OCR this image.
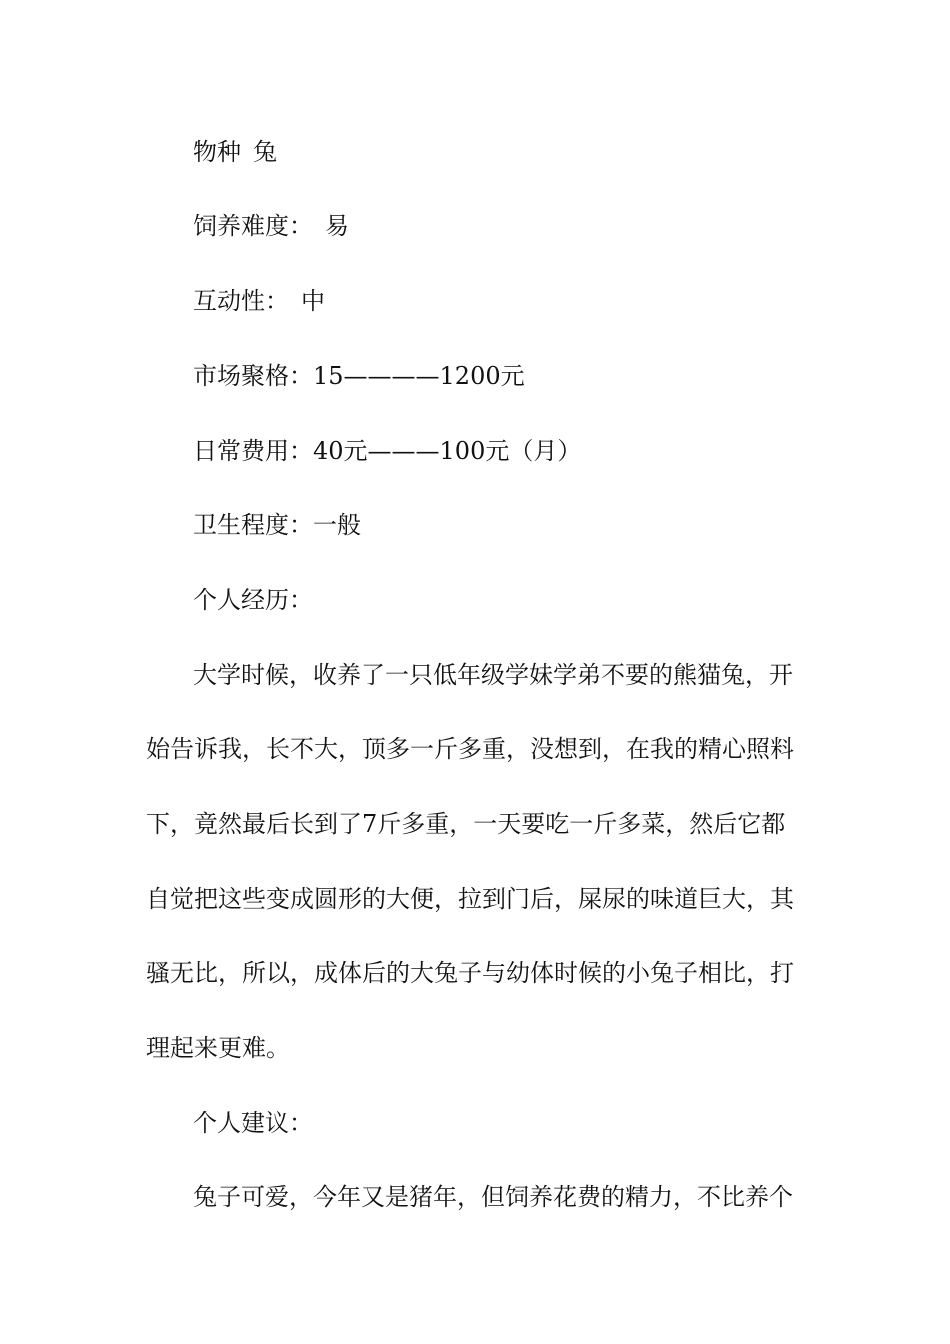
物种 兔
饲养难度： 易
互动性： 中
市场聚格：15————1200元
日常费用：40元———100元（月）
卫生程度：一般
个人经历：
大学时候，收养了一只低年级学妹学弟不要的熊猫兔，开
始告诉我，长不大，顶多一斤多重，没想到，在我的精心照料
下，竟然最后长到了7斤多重，一天要吃一斤多菜，然后它都
自觉把这些变成圆形的大便，拉到门后，屎尿的味道巨大，其
骚无比，所以，成体后的大兔子与幼体时候的小兔子相比，打
理起来更难。
个人建议：
兔子可爱，今年又是猪年，但饲养花费的精力，不比养个
